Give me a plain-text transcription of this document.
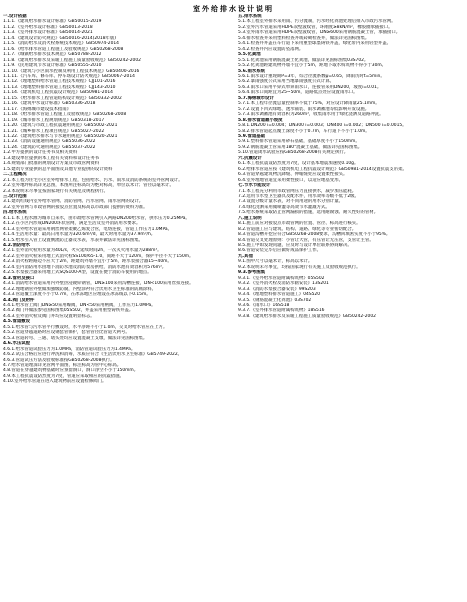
室外给排水设计说明
一.设计依据
1.1.1.《建筑给水排水设计标准》GB50015-2019
1.1.2.《室外给水设计标准》GB50013-2018
1.1.3.《室外排水设计标准》GB50014-2021
1.1.4.《建筑设计防火规范》GB50016-2014(2018年版)
1.1.5.《消防给水及消火栓系统技术规范》GB50974-2014
1.1.6.《给水排水管道工程施工及验收规范》GB50268-2008
1.1.7.《城镇给水排水技术规范》GB50788-2012
1.1.8.《建筑给水排水及采暖工程施工质量验收规范》GB50242-2002
1.1.9.《民用建筑节水设计标准》GB50555-2010
1.1.10.《建筑与小区雨水控制及利用工程技术规范》GB50400-2016
1.1.11.《汽车库、修车库、停车场设计防火规范》GB50067-2014
1.1.12.《埋地塑料给水管道工程技术规程》CJJ101-2016
1.1.13.《埋地塑料排水管道工程技术规程》CJJ143-2010
1.1.14.《建筑机电工程抗震设计规范》GB50981-2014
1.1.15.《给水排水工程管道结构设计规范》GB50332-2002
1.1.16.《建筑中水设计标准》GB50336-2018
1.1.17.《海绵城市建设技术指南》
1.1.18.《给水排水管道工程施工及验收规范》GB50268-2008
1.1.19.《城市排水工程规划规范》GB50318-2017
1.1.20.《建筑与市政工程抗震通用规范》GB55002-2021
1.1.21.《城乡排水工程项目规范》GB55027-2022
1.1.22.《建筑给水排水与节水通用规范》GB55020-2021
1.1.23.《消防设施通用规范》GB55036-2022
1.1.24.《建筑防火通用规范》GB55037-2022
1.2.甲方提供的设计任务书及相关资料
1.3.建设单位提供的本工程有关资料和设计任务书
1.4.规划部门批准的规划设计方案及市政管网资料
1.5.建筑专业提供的总平面图及其他专业提供的设计资料
二.工程概况
2.1.本工程为住宅小区室外给排水工程，包括给水、污水、雨水及消防系统的室外管网设计。
2.2.室外地坪标高详见总图，本图所注标高均为绝对标高，单位以米计；管径以毫米计。
2.3.本说明未尽事宜按国家现行有关规范及规程执行。
三.设计范围
3.1.建筑红线内室外给水管网、消防管网、污水管网、雨水管网的设计。
3.2.室外管网与市政管网的接驳点位置及标高以市政部门提供的资料为准。
四.给水系统
4.1.1.本工程水源为城市自来水，由市政给水管网引入两路DN200给水管，供水压力0.25MPa。
4.1.2.在小区内形成DN200环状管网，满足生活及室外消防用水要求。
4.1.3.室外给水管道采用钢丝网骨架聚乙烯复合管，电熔连接，管道工作压力1.0MPa。
4.1.4.生活用水量：最高日用水量为320.6m³/d，最大时用水量为37.9m³/h。
4.1.5.给水引入管上设置倒流防止器及水表，水表井做法详见国标图集。
4.2.消防给水
4.2.1.室外消火栓用水量为40L/s，火灾延续时间2h，一次灭火用水量为288m³。
4.2.2.室外消火栓采用地上式消火栓SS100/65-1.0，间距不大于120m，保护半径不大于150m。
4.2.3.消火栓距路边不应大于2m，距建筑外墙不宜小于5m，距水泵接合器15~40m。
4.2.4.室内消防用水由地下消防水池及消防泵房供给，消防水池有效容积为576m³。
4.2.5.水泵接合器采用地上式SQS100-A型，设置在便于消防车使用的地点。
4.3.管材及接口
4.3.1.消防给水管道采用内外壁热浸镀锌钢管，DN≥100采用沟槽连接，DN<100采用丝扣连接。
4.3.2.埋地钢管外壁做加强级防腐，内壁涂衬符合饮用水卫生标准的防腐涂料。
4.3.3.管道覆土深度不小于0.7m，在冰冻地区应埋设在冰冻线以下0.15m。
4.4.阀门及附件
4.4.1.给水管上阀门DN≥50采用蝶阀，DN<50采用闸阀，工作压力1.0MPa。
4.4.2.阀门井做法参见国标图集05S502，井盖采用重型铸铁井盖。
4.4.3.室外消火栓及阀门井均应设置明显标志。
4.5.管道敷设
4.5.1.给水管与污水管平行敷设时，水平净距不小于1.0m，交叉时给水管应在上方。
4.5.2.管道穿越道路时应设钢套管保护，套管管径比管道大两号。
4.5.3.管道转弯、三通、堵头处均应设置混凝土支墩，做法详见国标图集。
4.6.水压试验
4.6.1.给水管道试验压力为1.0MPa，消防管道试验压力为1.4MPa。
4.6.2.试压合格后应进行冲洗和消毒，水质应符合《生活饮用水卫生标准》GB5749-2022。
4.6.3.管道试压方法及验收标准按GB50268-2008执行。
4.7.给水管道埋深详见管网平面图，标注标高为管中心标高。
4.8.管道在穿越建筑物基础时应预留洞口，洞口净空不小于150mm。
4.9.本工程抗震设防烈度为7度，管道应采取相应的抗震措施。
4.10.室外给水管道在进入建筑物前应设置检修阀门。
五.排水系统
5.1.本工程室外排水采用雨、污分流制，污水经化粪池处理后排入市政污水管网。
5.2.室外污水管道采用HDPE双壁波纹管，环刚度≥8kN/m²，橡胶圈承插接口。
5.3.室外雨水管道采用HDPE双壁波纹管，DN≥600采用钢筋混凝土管，承插接口。
5.4.排水检查井采用塑料检查井或砖砌检查井，做法详见国标图集。
5.4.1.检查井井盖在车行道下采用重型球墨铸铁井盖，绿化带内采用轻型井盖。
5.4.2.检查井内应设置防坠落网。
5.5.化粪池
5.5.1.化粪池采用钢筋混凝土化粪池，做法详见国标图集03S702。
5.5.2.化粪池距建筑物外墙不宜小于5m，距地下取水构筑物不得小于30m。
5.6.雨水系统
5.6.1.雨水设计重现期P=3年，综合径流系数ψ=0.65，降雨历时t=5min。
5.6.2.暴雨强度公式采用当地暴雨强度公式计算。
5.6.3.雨水口采用平箅式单箅雨水口，连接管采用DN200，坡度i=0.01。
5.6.4.雨水口间距宜为25~50m，道路低点处应设置雨水口。
5.7.海绵城市设计
5.7.1.本工程年径流总量控制率不低于75%，对应设计降雨量25.1mm。
5.7.2.设置下凹式绿地、透水铺装、雨水调蓄池等低影响开发设施。
5.7.3.雨水调蓄池有效容积为260m³，收集雨水用于绿化浇洒及道路冲洗。
5.8.排水管道最小坡度
5.8.1.DN200 i=0.004；DN300 i=0.003；DN400 i=0.002；DN500 i=0.0015。
5.8.2.排水管道起点覆土深度不小于0.7m，车行道下不小于1.0m。
5.9.管道基础
5.9.1.塑料排水管道采用砂石基础，基础厚度不小于150mm。
5.9.2.钢筋混凝土管采用180°混凝土基础，做法详见国标图集。
5.10.管道闭水试验应按GB50268-2008有关规定执行。
六.抗震设计
6.1.本工程抗震设防烈度为7度，设计基本地震加速度0.10g。
6.2.给排水管道应按《建筑机电工程抗震设计规范》GB50981-2014设置抗震支吊架。
6.3.管道穿越建筑物沉降缝、伸缩缝处应设置柔性接头。
6.4.室外埋地管道宜采用柔性接口，以适应地基变形。
七.节水节能设计
7.1.本工程充分利用市政管网压力直接供水，减少加压能耗。
7.2.选用节水型卫生器具及配水件，用水效率等级不低于2级。
7.3.设置分级计量水表，对不同用途的用水分别计量。
7.4.绿化浇洒采用微喷灌等高效节水灌溉方式。
7.5.给水系统采取防止管网漏损的措施，选用耐腐蚀、耐久性好的管材。
八.施工说明
8.1.施工前应对接驳点市政管网的位置、管径、标高进行核实。
8.2.管道施工应与建筑、结构、道路、绿化等专业密切配合。
8.3.管道沟槽开挖应符合GB50268-2008要求，沟槽回填密实度不小于95%。
8.4.管道交叉处理原则：小管让大管，有压管让无压管，支管让主管。
8.5.施工中如发现问题，应及时与设计单位联系协商解决。
8.6.管道安装完毕后应做好成品保护工作。
九.其他
9.1.图中尺寸以毫米计，标高以米计。
9.2.本说明未尽事宜，均按国家现行有关施工及验收规范执行。
9.3.参考图集
9.3.1.《室外给水管道附属构筑物》05S502
9.3.2.《室外消火栓及消防水鹤安装》13S201
9.3.3.《消防水泵接合器安装》99S203
9.3.4.《埋地塑料排水管道施工》04S520
9.3.5.《钢筋混凝土化粪池》03S702
9.3.6.《雨水口》16S518
9.3.7.《室外排水管道附属构筑物》18S516
9.3.8.《建筑给水排水及采暖工程施工质量验收规范》GB50242-2002
